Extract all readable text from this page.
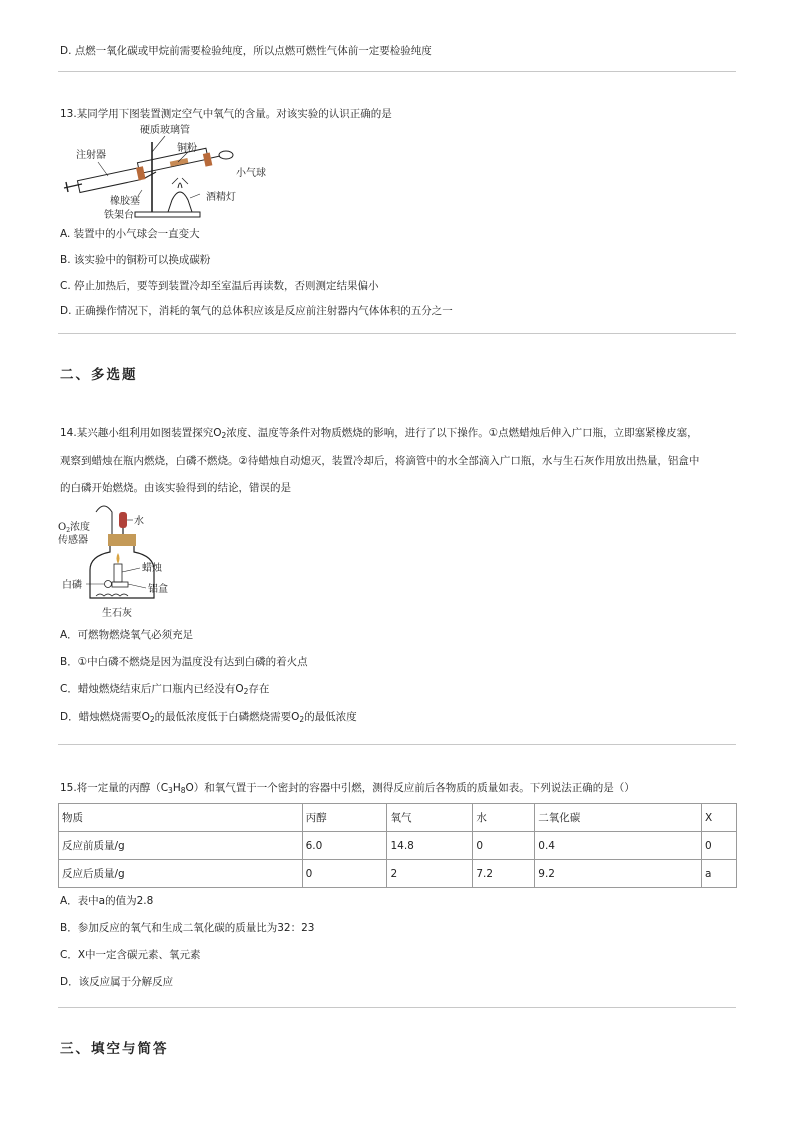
D. 点燃一氧化碳或甲烷前需要检验纯度，所以点燃可燃性气体前一定要检验纯度
13.某同学用下图装置测定空气中氧气的含量。对该实验的认识正确的是
硬质玻璃管
注射器
铜粉
小气球
橡胶塞	酒精灯
铁架台
A. 装置中的小气球会一直变大
B. 该实验中的铜粉可以换成碳粉
C. 停止加热后，要等到装置冷却至室温后再读数，否则测定结果偏小
D. 正确操作情况下，消耗的氧气的总体积应该是反应前注射器内气体体积的五分之一
二、多选题
14.某兴趣小组利用如图装置探究$O_2$浓度、温度等条件对物质燃烧的影响，进行了以下操作。①点燃蜡烛后伸入广口瓶，立即塞紧橡皮塞，
观察到蜡烛在瓶内燃烧，白磷不燃烧。②待蜡烛自动熄灭，装置冷却后，将滴管中的水全部滴入广口瓶，水与生石灰作用放出热量，铝盒中
的白磷开始燃烧。由该实验得到的结论，错误的是
$O_2$浓度
传感器
水
蜡烛
铝盒
白磷
生石灰
A．可燃物燃烧氧气必须充足
B．①中白磷不燃烧是因为温度没有达到白磷的着火点
C．蜡烛燃烧结束后广口瓶内已经没有$O_2$存在
D．蜡烛燃烧需要$O_2$的最低浓度低于白磷燃烧需要$O_2$的最低浓度
15.将一定量的丙醇$(C_3H_8O)$和氧气置于一个密封的容器中引燃，测得反应前后各物质的质量如表。下列说法正确的是（）
物质	丙醇	氧气	水	二氧化碳	X
反应前质量/g	6.0	14.8	0	0.4	0
反应后质量/g	0	2	7.2	9.2	a
A．表中a的值为2.8
B．参加反应的氧气和生成二氧化碳的质量比为32：23
C．X中一定含碳元素、氧元素
D．该反应属于分解反应
三、填空与简答
